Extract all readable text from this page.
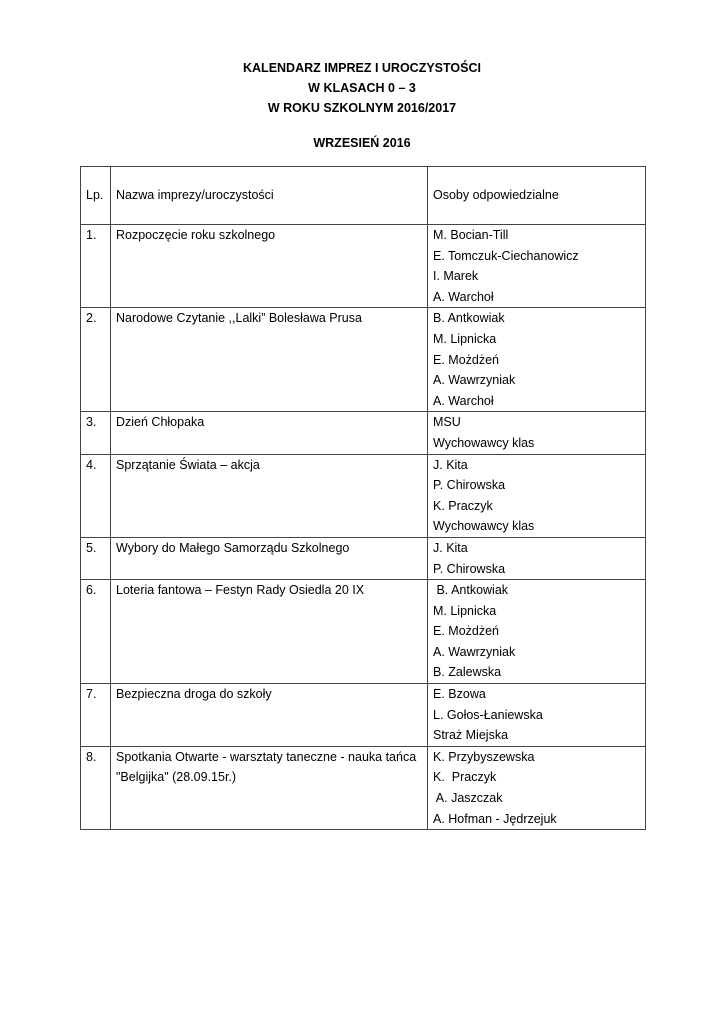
KALENDARZ IMPREZ I UROCZYSTOŚCI
W KLASACH 0 – 3
W ROKU SZKOLNYM 2016/2017
WRZESIEŃ 2016
Lp.	Nazwa imprezy/uroczystości	Osoby odpowiedzialne
1.	Rozpoczęcie roku szkolnego	M. Bocian-Till
E. Tomczuk-Ciechanowicz
I. Marek
A. Warchoł

2.	Narodowe Czytanie ,,Lalki” Bolesława Prusa	B. Antkowiak
M. Lipnicka
E. Możdżeń
A. Wawrzyniak
A. Warchoł

3.	Dzień Chłopaka	MSU
Wychowawcy klas

4.	Sprzątanie Świata – akcja	J. Kita
P. Chirowska
K. Praczyk
Wychowawcy klas

5.	Wybory do Małego Samorządu Szkolnego	J. Kita
P. Chirowska

6.	Loteria fantowa – Festyn Rady Osiedla 20 IX	B. Antkowiak
M. Lipnicka
E. Możdżeń
A. Wawrzyniak
B. Zalewska

7.	Bezpieczna droga do szkoły	E. Bzowa
L. Gołos-Łaniewska
Straż Miejska

8.	Spotkania Otwarte - warsztaty taneczne - nauka tańca "Belgijka" (28.09.15r.)	K. Przybyszewska
K.  Praczyk
A. Jaszczak
A. Hofman - Jędrzejuk
